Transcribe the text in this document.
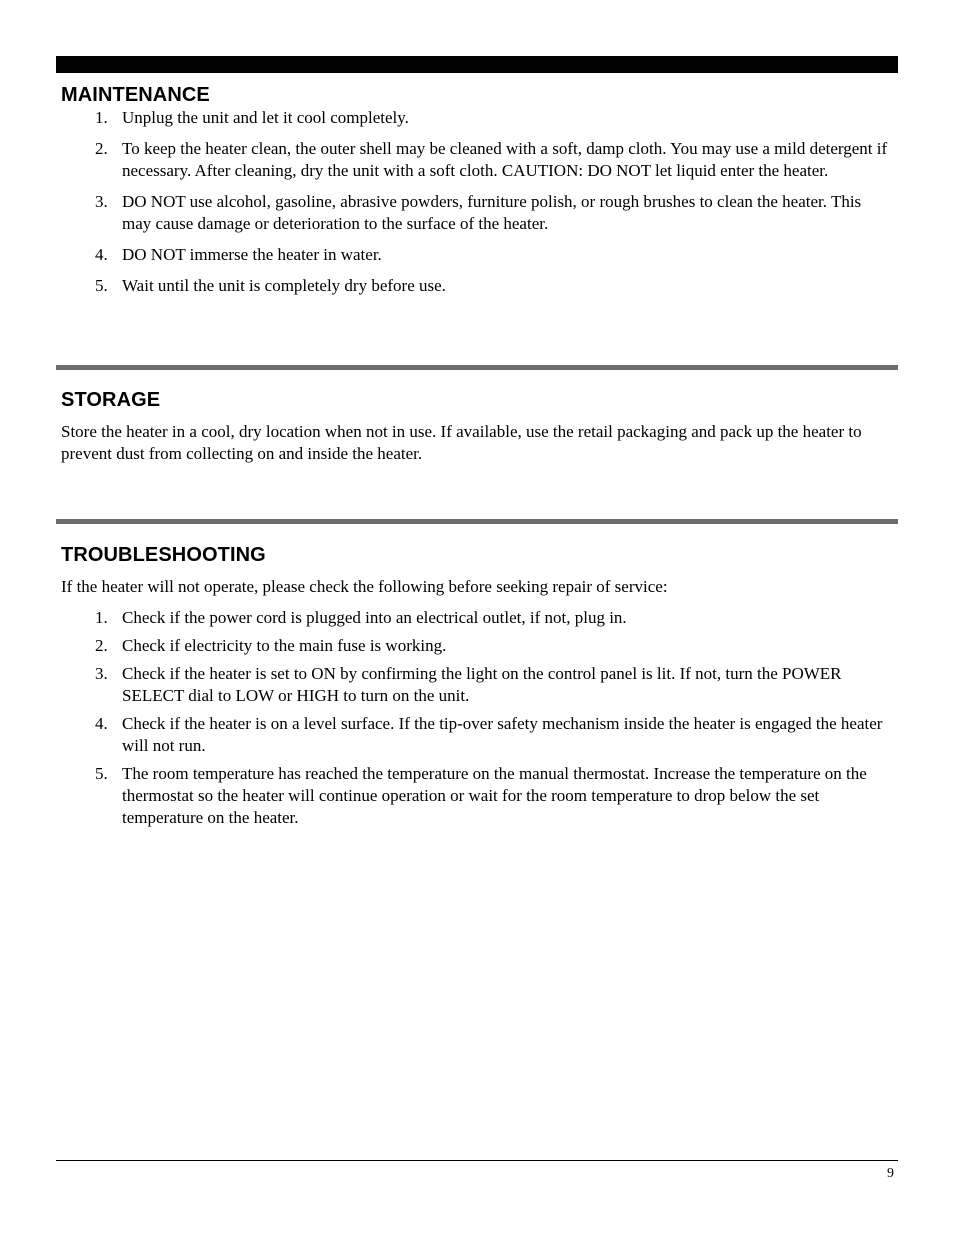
MAINTENANCE
1. Unplug the unit and let it cool completely.
2. To keep the heater clean, the outer shell may be cleaned with a soft, damp cloth. You may use a mild detergent if necessary. After cleaning, dry the unit with a soft cloth. CAUTION: DO NOT let liquid enter the heater.
3. DO NOT use alcohol, gasoline, abrasive powders, furniture polish, or rough brushes to clean the heater. This may cause damage or deterioration to the surface of the heater.
4. DO NOT immerse the heater in water.
5. Wait until the unit is completely dry before use.
STORAGE

Store the heater in a cool, dry location when not in use. If available, use the retail packaging and pack up the heater to prevent dust from collecting on and inside the heater.

TROUBLESHOOTING

If the heater will not operate, please check the following before seeking repair of service:

1. Check if the power cord is plugged into an electrical outlet, if not, plug in.
2. Check if electricity to the main fuse is working.
3. Check if the heater is set to ON by confirming the light on the control panel is lit. If not, turn the POWER SELECT dial to LOW or HIGH to turn on the unit.
4. Check if the heater is on a level surface. If the tip-over safety mechanism inside the heater is engaged the heater will not run.
5. The room temperature has reached the temperature on the manual thermostat. Increase the temperature on the thermostat so the heater will continue operation or wait for the room temperature to drop below the set temperature on the heater.
9
